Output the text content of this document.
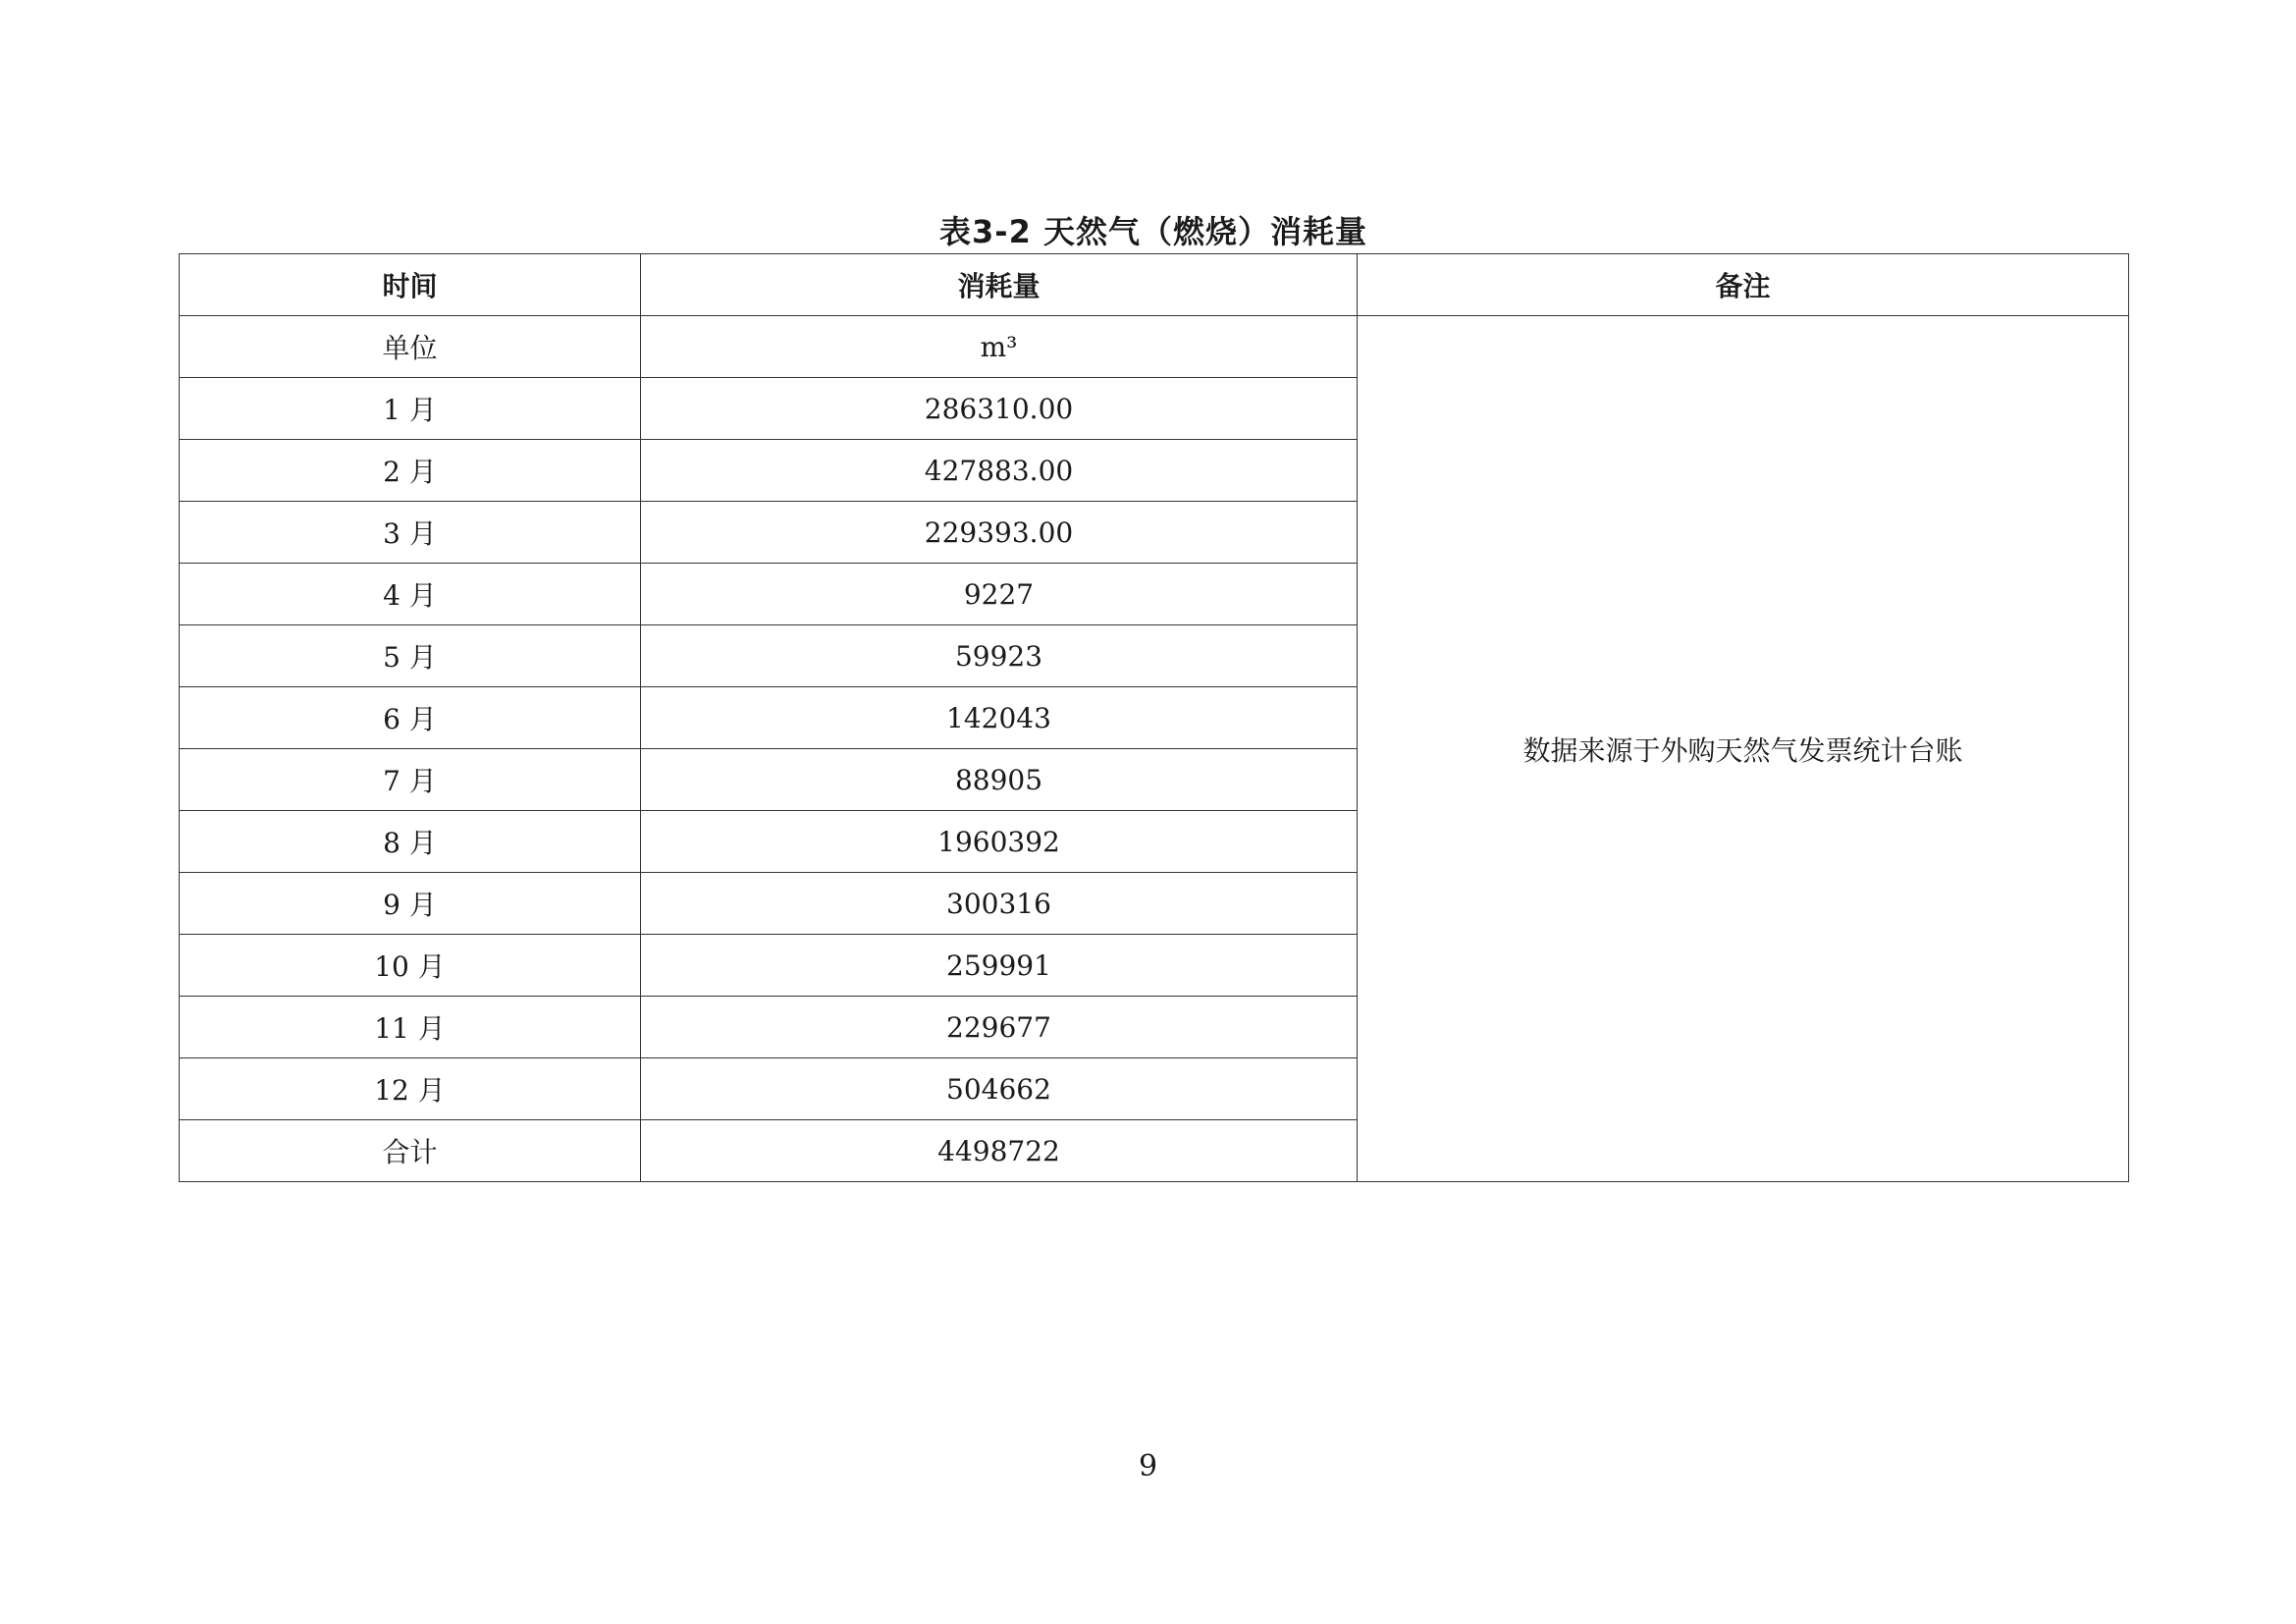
表3-2 天然气（燃烧）消耗量
时间	消耗量	备注
单位	m³	数据来源于外购天然气发票统计台账
1 月	286310.00	
2 月	427883.00	
3 月	229393.00	
4 月	9227	
5 月	59923	
6 月	142043	
7 月	88905	
8 月	1960392	
9 月	300316	
10 月	259991	
11 月	229677	
12 月	504662	
合计	4498722	
9
